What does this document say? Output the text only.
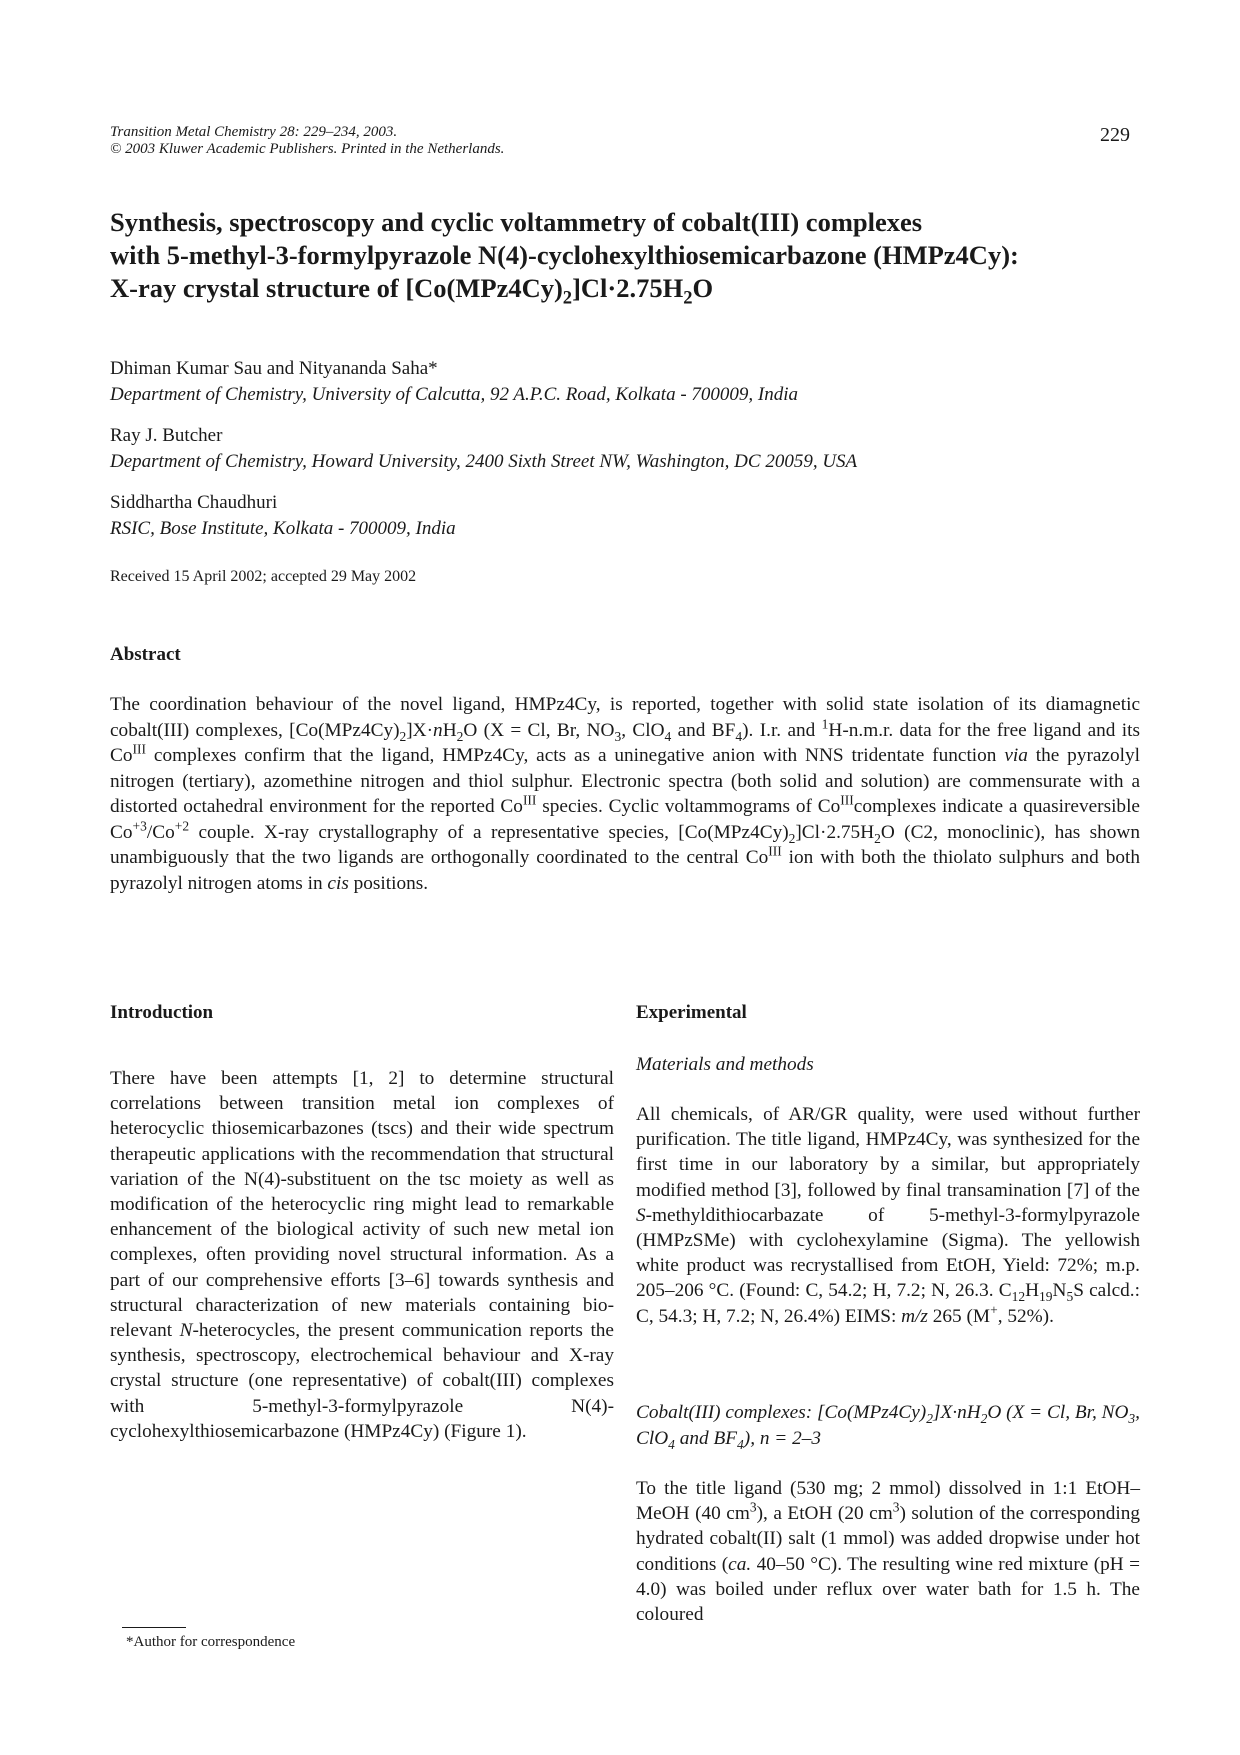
Transition Metal Chemistry 28: 229–234, 2003.
© 2003 Kluwer Academic Publishers. Printed in the Netherlands.
229
Synthesis, spectroscopy and cyclic voltammetry of cobalt(III) complexes
with 5-methyl-3-formylpyrazole N(4)-cyclohexylthiosemicarbazone (HMPz4Cy):
X-ray crystal structure of $[Co(MPz4Cy)_2]Cl\cdot 2.75H_2O$
Dhiman Kumar Sau and Nityananda Saha*
Department of Chemistry, University of Calcutta, 92 A.P.C. Road, Kolkata - 700009, India
Ray J. Butcher
Department of Chemistry, Howard University, 2400 Sixth Street NW, Washington, DC 20059, USA
Siddhartha Chaudhuri
RSIC, Bose Institute, Kolkata - 700009, India
Received 15 April 2002; accepted 29 May 2002
Abstract

The coordination behaviour of the novel ligand, HMPz4Cy, is reported, together with solid state isolation of its diamagnetic cobalt(III) complexes, $[Co(MPz4Cy)_2]X\cdot nH_2O$ (X = Cl, Br, $NO_3$, ClO$_4$ and $BF_4$). I.r. and $^1$H-n.m.r. data for the free ligand and its $Co^{III}$ complexes confirm that the ligand, HMPz4Cy, acts as a uninegative anion with NNS tridentate function via the pyrazolyl nitrogen (tertiary), azomethine nitrogen and thiol sulphur. Electronic spectra (both solid and solution) are commensurate with a distorted octahedral environment for the reported $Co^{III}$ species. Cyclic voltammograms of $Co^{III}complexes$ indicate a quasireversible $Co^{+3}/Co^{+2}$ couple. X-ray crystallography of a representative species, $[Co(MPz4Cy)_2]Cl\cdot 2.75H_2O$ (C2, monoclinic), has shown unambiguously that the two ligands are orthogonally coordinated to the central $Co^{III}$ ion with both the thiolato sulphurs and both pyrazolyl nitrogen atoms in cis positions.

Introduction

There have been attempts [1, 2] to determine structural correlations between transition metal ion complexes of heterocyclic thiosemicarbazones (tscs) and their wide spectrum therapeutic applications with the recommendation that structural variation of the N(4)-substituent on the tsc moiety as well as modification of the heterocyclic ring might lead to remarkable enhancement of the biological activity of such new metal ion complexes, often providing novel structural information. As a part of our comprehensive efforts [3–6] towards synthesis and structural characterization of new materials containing bio-relevant N-heterocycles, the present communication reports the synthesis, spectroscopy, electrochemical behaviour and X-ray crystal structure (one representative) of cobalt(III) complexes with 5-methyl-3-formylpyrazole N(4)-cyclohexylthiosemicarbazone (HMPz4Cy) (Figure 1).

Experimental
Materials and methods

All chemicals, of AR/GR quality, were used without further purification. The title ligand, HMPz4Cy, was synthesized for the first time in our laboratory by a similar, but appropriately modified method [3], followed by final transamination [7] of the S-methyldithiocarbazate of 5-methyl-3-formylpyrazole (HMPzSMe) with cyclohexylamine (Sigma). The yellowish white product was recrystallised from EtOH, Yield: 72%; m.p. 205–206 °C. (Found: C, 54.2; H, 7.2; N, 26.3. $C_{12}H_{19}N_5S$ calcd.: C, 54.3; H, 7.2; N, 26.4%) EIMS: m/z 265 (M+, 52%).

Cobalt(III) complexes: $[Co(MPz4Cy)_2]X\cdot nH_2O$ (X = Cl, Br, $NO_3$, ClO$_4$ and $BF_4$), n = 2–3

To the title ligand (530 mg; 2 mmol) dissolved in 1:1 EtOH–MeOH (40 $cm^3$), a EtOH (20 $cm^3$) solution of the corresponding hydrated cobalt(II) salt (1 mmol) was added dropwise under hot conditions (ca. 40–50 °C). The resulting wine red mixture (pH = 4.0) was boiled under reflux over water bath for 1.5 h. The coloured

*Author for correspondence
